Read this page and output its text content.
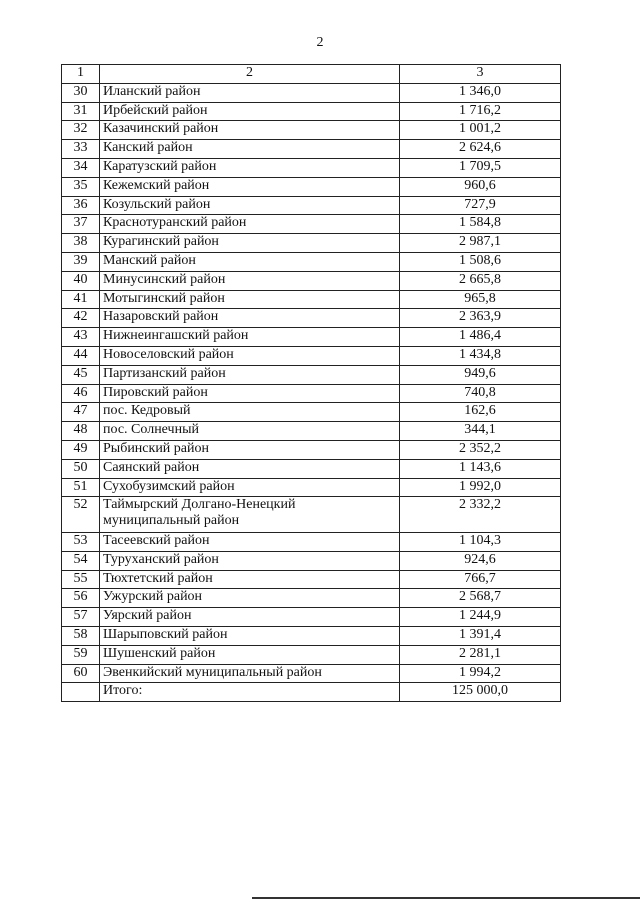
2
1	2	3
30	Иланский район	1 346,0
31	Ирбейский район	1 716,2
32	Казачинский район	1 001,2
33	Канский район	2 624,6
34	Каратузский район	1 709,5
35	Кежемский район	960,6
36	Козульский район	727,9
37	Краснотуранский район	1 584,8
38	Курагинский район	2 987,1
39	Манский район	1 508,6
40	Минусинский район	2 665,8
41	Мотыгинский район	965,8
42	Назаровский район	2 363,9
43	Нижнеингашский район	1 486,4
44	Новоселовский район	1 434,8
45	Партизанский район	949,6
46	Пировский район	740,8
47	пос. Кедровый	162,6
48	пос. Солнечный	344,1
49	Рыбинский район	2 352,2
50	Саянский район	1 143,6
51	Сухобузимский район	1 992,0
52	Таймырский Долгано-Ненецкий муниципальный район	2 332,2
53	Тасеевский район	1 104,3
54	Туруханский район	924,6
55	Тюхтетский район	766,7
56	Ужурский район	2 568,7
57	Уярский район	1 244,9
58	Шарыповский район	1 391,4
59	Шушенский район	2 281,1
60	Эвенкийский муниципальный район	1 994,2
	Итого:	125 000,0
